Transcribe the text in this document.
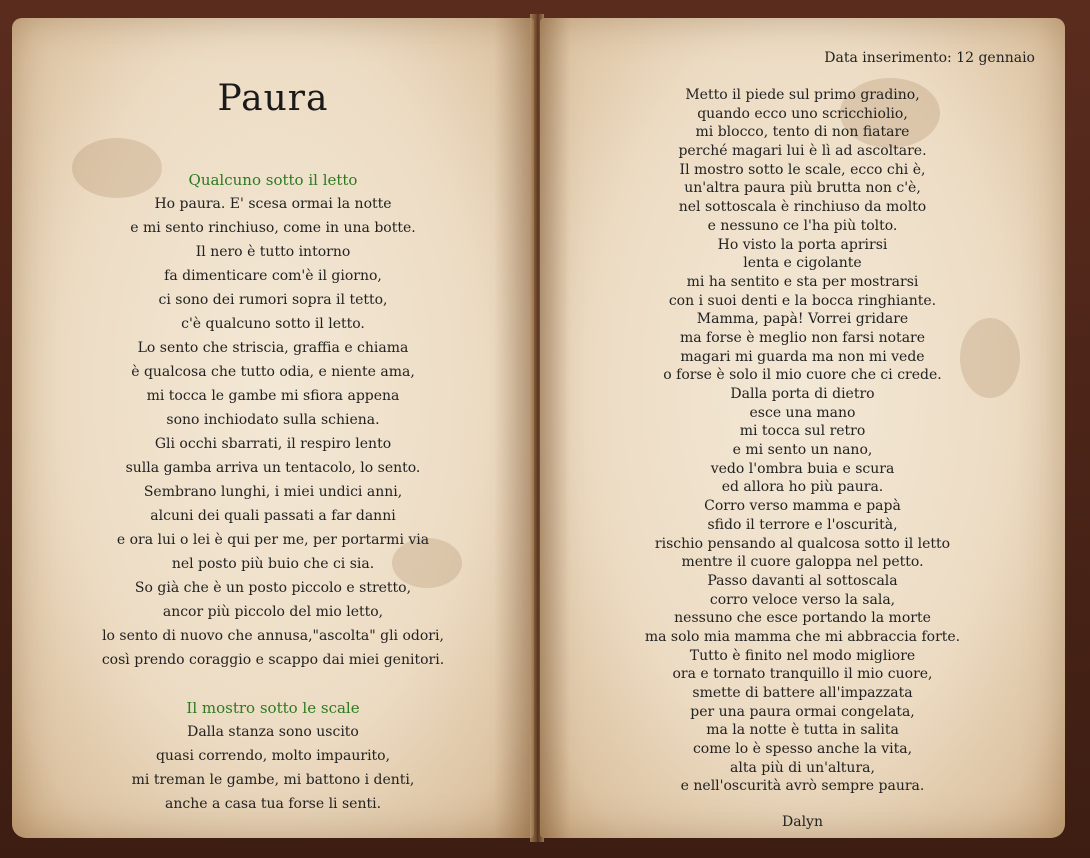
Paura
Qualcuno sotto il letto
Ho paura. E' scesa ormai la notte
e mi sento rinchiuso, come in una botte.
Il nero è tutto intorno
fa dimenticare com'è il giorno,
ci sono dei rumori sopra il tetto,
c'è qualcuno sotto il letto.
Lo sento che striscia, graffia e chiama
è qualcosa che tutto odia, e niente ama,
mi tocca le gambe mi sfiora appena
sono inchiodato sulla schiena.
Gli occhi sbarrati, il respiro lento
sulla gamba arriva un tentacolo, lo sento.
Sembrano lunghi, i miei undici anni,
alcuni dei quali passati a far danni
e ora lui o lei è qui per me, per portarmi via
nel posto più buio che ci sia.
So già che è un posto piccolo e stretto,
ancor più piccolo del mio letto,
lo sento di nuovo che annusa,"ascolta" gli odori,
così prendo coraggio e scappo dai miei genitori.
Il mostro sotto le scale
Dalla stanza sono uscito
quasi correndo, molto impaurito,
mi treman le gambe, mi battono i denti,
anche a casa tua forse li senti.
Data inserimento: 12 gennaio
Metto il piede sul primo gradino,
quando ecco uno scricchiolio,
mi blocco, tento di non fiatare
perché magari lui è lì ad ascoltare.
Il mostro sotto le scale, ecco chi è,
un'altra paura più brutta non c'è,
nel sottoscala è rinchiuso da molto
e nessuno ce l'ha più tolto.
Ho visto la porta aprirsi
lenta e cigolante
mi ha sentito e sta per mostrarsi
con i suoi denti e la bocca ringhiante.
Mamma, papà! Vorrei gridare
ma forse è meglio non farsi notare
magari mi guarda ma non mi vede
o forse è solo il mio cuore che ci crede.
Dalla porta di dietro
esce una mano
mi tocca sul retro
e mi sento un nano,
vedo l'ombra buia e scura
ed allora ho più paura.
Corro verso mamma e papà
sfido il terrore e l'oscurità,
rischio pensando al qualcosa sotto il letto
mentre il cuore galoppa nel petto.
Passo davanti al sottoscala
corro veloce verso la sala,
nessuno che esce portando la morte
ma solo mia mamma che mi abbraccia forte.
Tutto è finito nel modo migliore
ora e tornato tranquillo il mio cuore,
smette di battere all'impazzata
per una paura ormai congelata,
ma la notte è tutta in salita
come lo è spesso anche la vita,
alta più di un'altura,
e nell'oscurità avrò sempre paura.
Dalyn
